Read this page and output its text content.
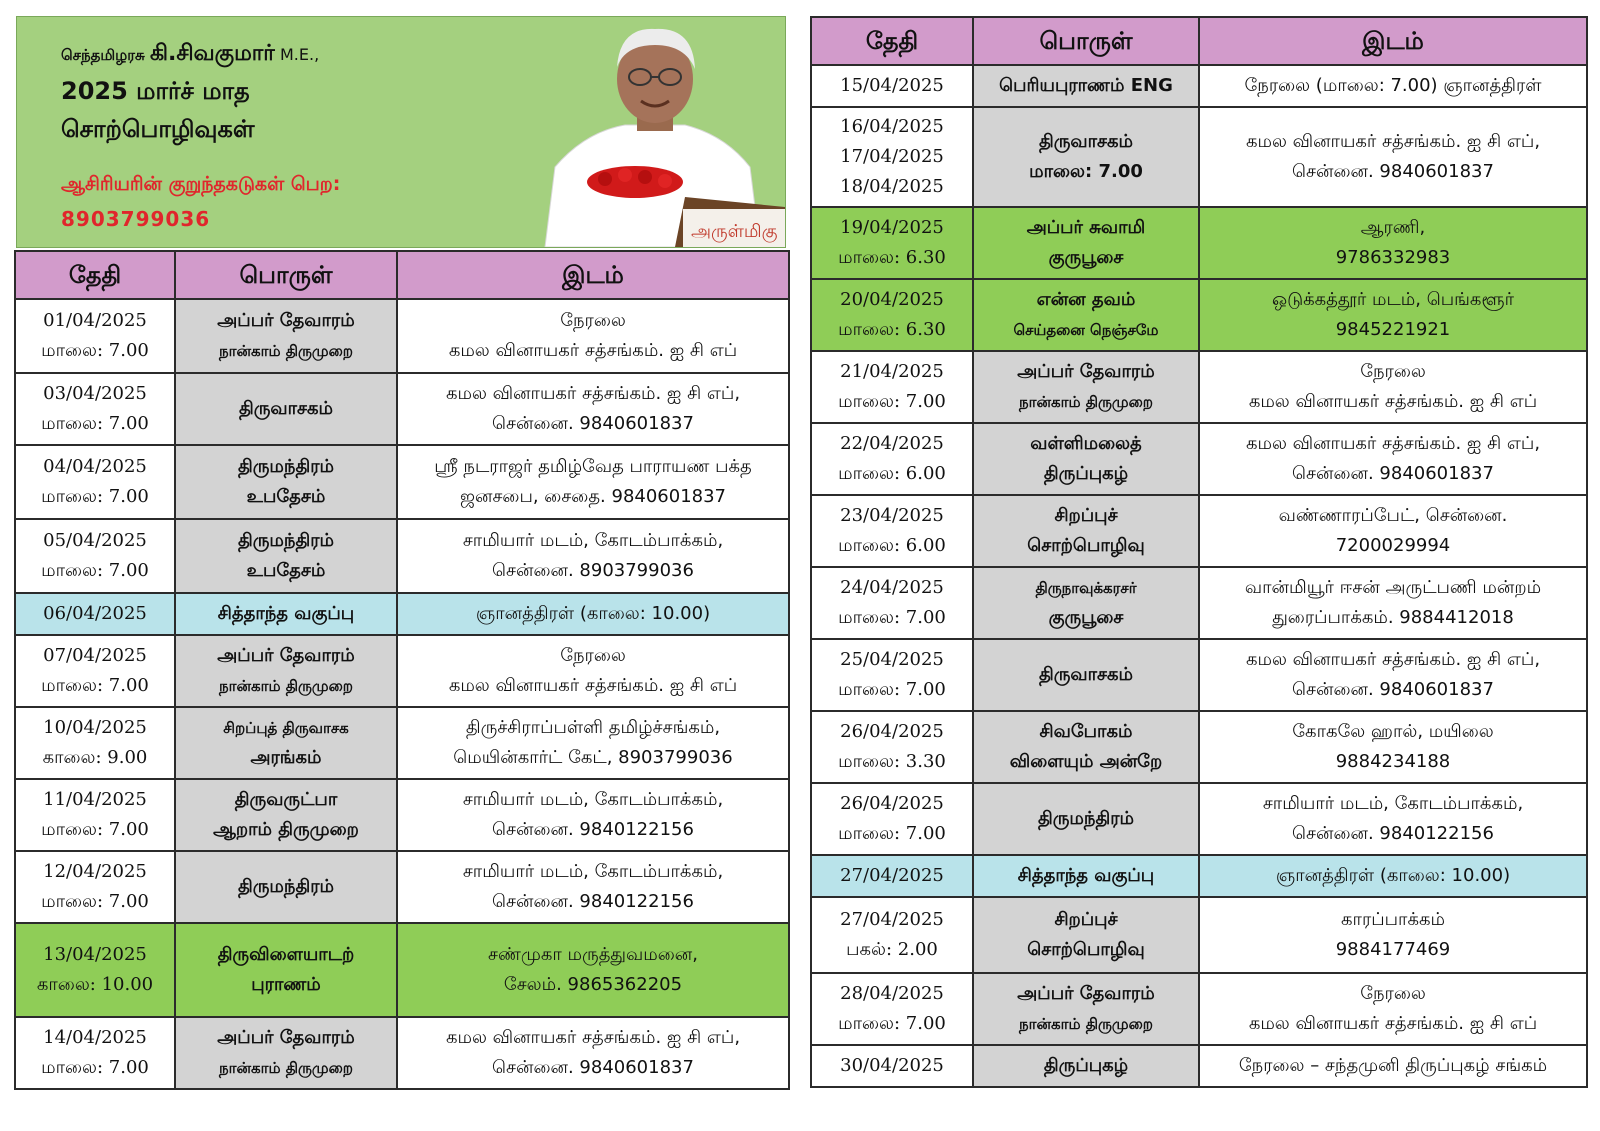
செந்தமிழரசு கி.சிவகுமார் M.E.,
2025 மார்ச் மாத
சொற்பொழிவுகள்
ஆசிரியரின் குறுந்தகடுகள் பெற:
8903799036
அருள்மிகு
தேதி	பொருள்	இடம்

01/04/2025
மாலை: 7.00	அப்பர் தேவாரம்
நான்காம் திருமுறை	நேரலை
கமல வினாயகர் சத்சங்கம். ஐ சி எப்

03/04/2025
மாலை: 7.00	திருவாசகம்	கமல வினாயகர் சத்சங்கம். ஐ சி எப்,
சென்னை. 9840601837

04/04/2025
மாலை: 7.00	திருமந்திரம்
உபதேசம்	ஸ்ரீ நடராஜர் தமிழ்வேத பாராயண பக்த
ஜனசபை, சைதை. 9840601837

05/04/2025
மாலை: 7.00	திருமந்திரம்
உபதேசம்	சாமியார் மடம், கோடம்பாக்கம்,
சென்னை. 8903799036

06/04/2025	சித்தாந்த வகுப்பு	ஞானத்திரள் (காலை: 10.00)

07/04/2025
மாலை: 7.00	அப்பர் தேவாரம்
நான்காம் திருமுறை	நேரலை
கமல வினாயகர் சத்சங்கம். ஐ சி எப்

10/04/2025
காலை: 9.00	சிறப்புத் திருவாசக
அரங்கம்	திருச்சிராப்பள்ளி தமிழ்ச்சங்கம்,
மெயின்கார்ட் கேட், 8903799036

11/04/2025
மாலை: 7.00	திருவருட்பா
ஆறாம் திருமுறை	சாமியார் மடம், கோடம்பாக்கம்,
சென்னை. 9840122156

12/04/2025
மாலை: 7.00	திருமந்திரம்	சாமியார் மடம், கோடம்பாக்கம்,
சென்னை. 9840122156

13/04/2025
காலை: 10.00	திருவிளையாடற்
புராணம்	சண்முகா மருத்துவமனை,
சேலம். 9865362205

14/04/2025
மாலை: 7.00	அப்பர் தேவாரம்
நான்காம் திருமுறை	கமல வினாயகர் சத்சங்கம். ஐ சி எப்,
சென்னை. 9840601837
தேதி	பொருள்	இடம்

15/04/2025	பெரியபுராணம் ENG	நேரலை (மாலை: 7.00) ஞானத்திரள்

16/04/2025
17/04/2025
18/04/2025	திருவாசகம்
மாலை: 7.00	கமல வினாயகர் சத்சங்கம். ஐ சி எப்,
சென்னை. 9840601837

19/04/2025
மாலை: 6.30	அப்பர் சுவாமி
குருபூசை	ஆரணி,
9786332983

20/04/2025
மாலை: 6.30	என்ன தவம்
செய்தனை நெஞ்சமே	ஒடுக்கத்தூர் மடம், பெங்களூர்
9845221921

21/04/2025
மாலை: 7.00	அப்பர் தேவாரம்
நான்காம் திருமுறை	நேரலை
கமல வினாயகர் சத்சங்கம். ஐ சி எப்

22/04/2025
மாலை: 6.00	வள்ளிமலைத்
திருப்புகழ்	கமல வினாயகர் சத்சங்கம். ஐ சி எப்,
சென்னை. 9840601837

23/04/2025
மாலை: 6.00	சிறப்புச்
சொற்பொழிவு	வண்ணாரப்பேட், சென்னை.
7200029994

24/04/2025
மாலை: 7.00	திருநாவுக்கரசர்
குருபூசை	வான்மியூர் ஈசன் அருட்பணி மன்றம்
துரைப்பாக்கம். 9884412018

25/04/2025
மாலை: 7.00	திருவாசகம்	கமல வினாயகர் சத்சங்கம். ஐ சி எப்,
சென்னை. 9840601837

26/04/2025
மாலை: 3.30	சிவபோகம்
விளையும் அன்றே	கோகலே ஹால், மயிலை
9884234188

26/04/2025
மாலை: 7.00	திருமந்திரம்	சாமியார் மடம், கோடம்பாக்கம்,
சென்னை. 9840122156

27/04/2025	சித்தாந்த வகுப்பு	ஞானத்திரள் (காலை: 10.00)

27/04/2025
பகல்: 2.00	சிறப்புச்
சொற்பொழிவு	காரப்பாக்கம்
9884177469

28/04/2025
மாலை: 7.00	அப்பர் தேவாரம்
நான்காம் திருமுறை	நேரலை
கமல வினாயகர் சத்சங்கம். ஐ சி எப்

30/04/2025	திருப்புகழ்	நேரலை – சந்தமுனி திருப்புகழ் சங்கம்
